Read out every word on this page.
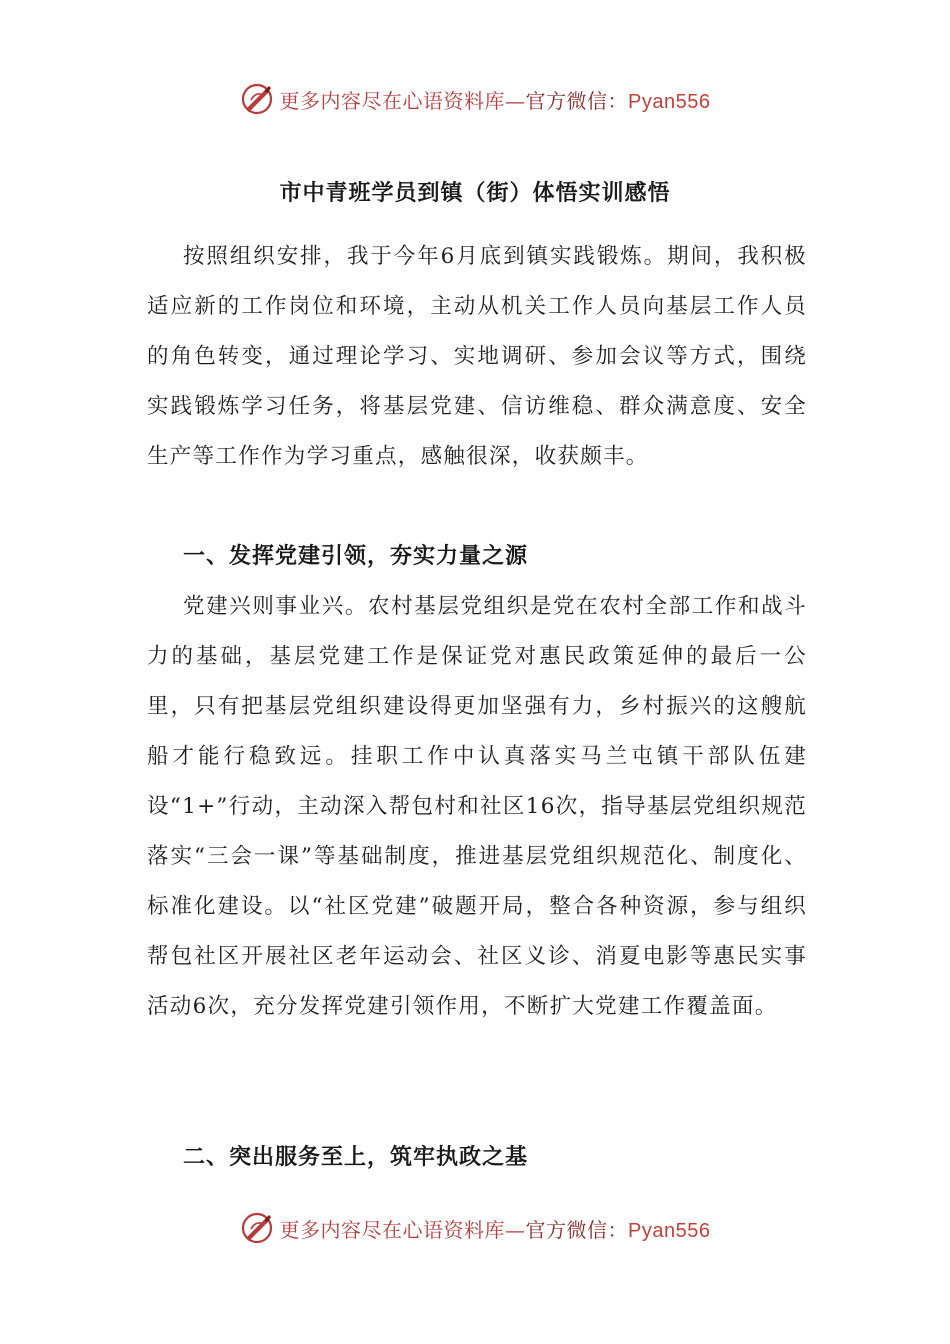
更多内容尽在心语资料库—官方微信：Pyan556
市中青班学员到镇（街）体悟实训感悟

按照组织安排，我于今年6月底到镇实践锻炼。期间，我积极适应新的工作岗位和环境，主动从机关工作人员向基层工作人员的角色转变，通过理论学习、实地调研、参加会议等方式，围绕实践锻炼学习任务，将基层党建、信访维稳、群众满意度、安全生产等工作作为学习重点，感触很深，收获颇丰。

一、发挥党建引领，夯实力量之源

党建兴则事业兴。农村基层党组织是党在农村全部工作和战斗力的基础，基层党建工作是保证党对惠民政策延伸的最后一公里，只有把基层党组织建设得更加坚强有力，乡村振兴的这艘航船才能行稳致远。挂职工作中认真落实马兰屯镇干部队伍建设“1+”行动，主动深入帮包村和社区16次，指导基层党组织规范落实“三会一课”等基础制度，推进基层党组织规范化、制度化、标准化建设。以“社区党建”破题开局，整合各种资源，参与组织帮包社区开展社区老年运动会、社区义诊、消夏电影等惠民实事活动6次，充分发挥党建引领作用，不断扩大党建工作覆盖面。

二、突出服务至上，筑牢执政之基
更多内容尽在心语资料库—官方微信：Pyan556
